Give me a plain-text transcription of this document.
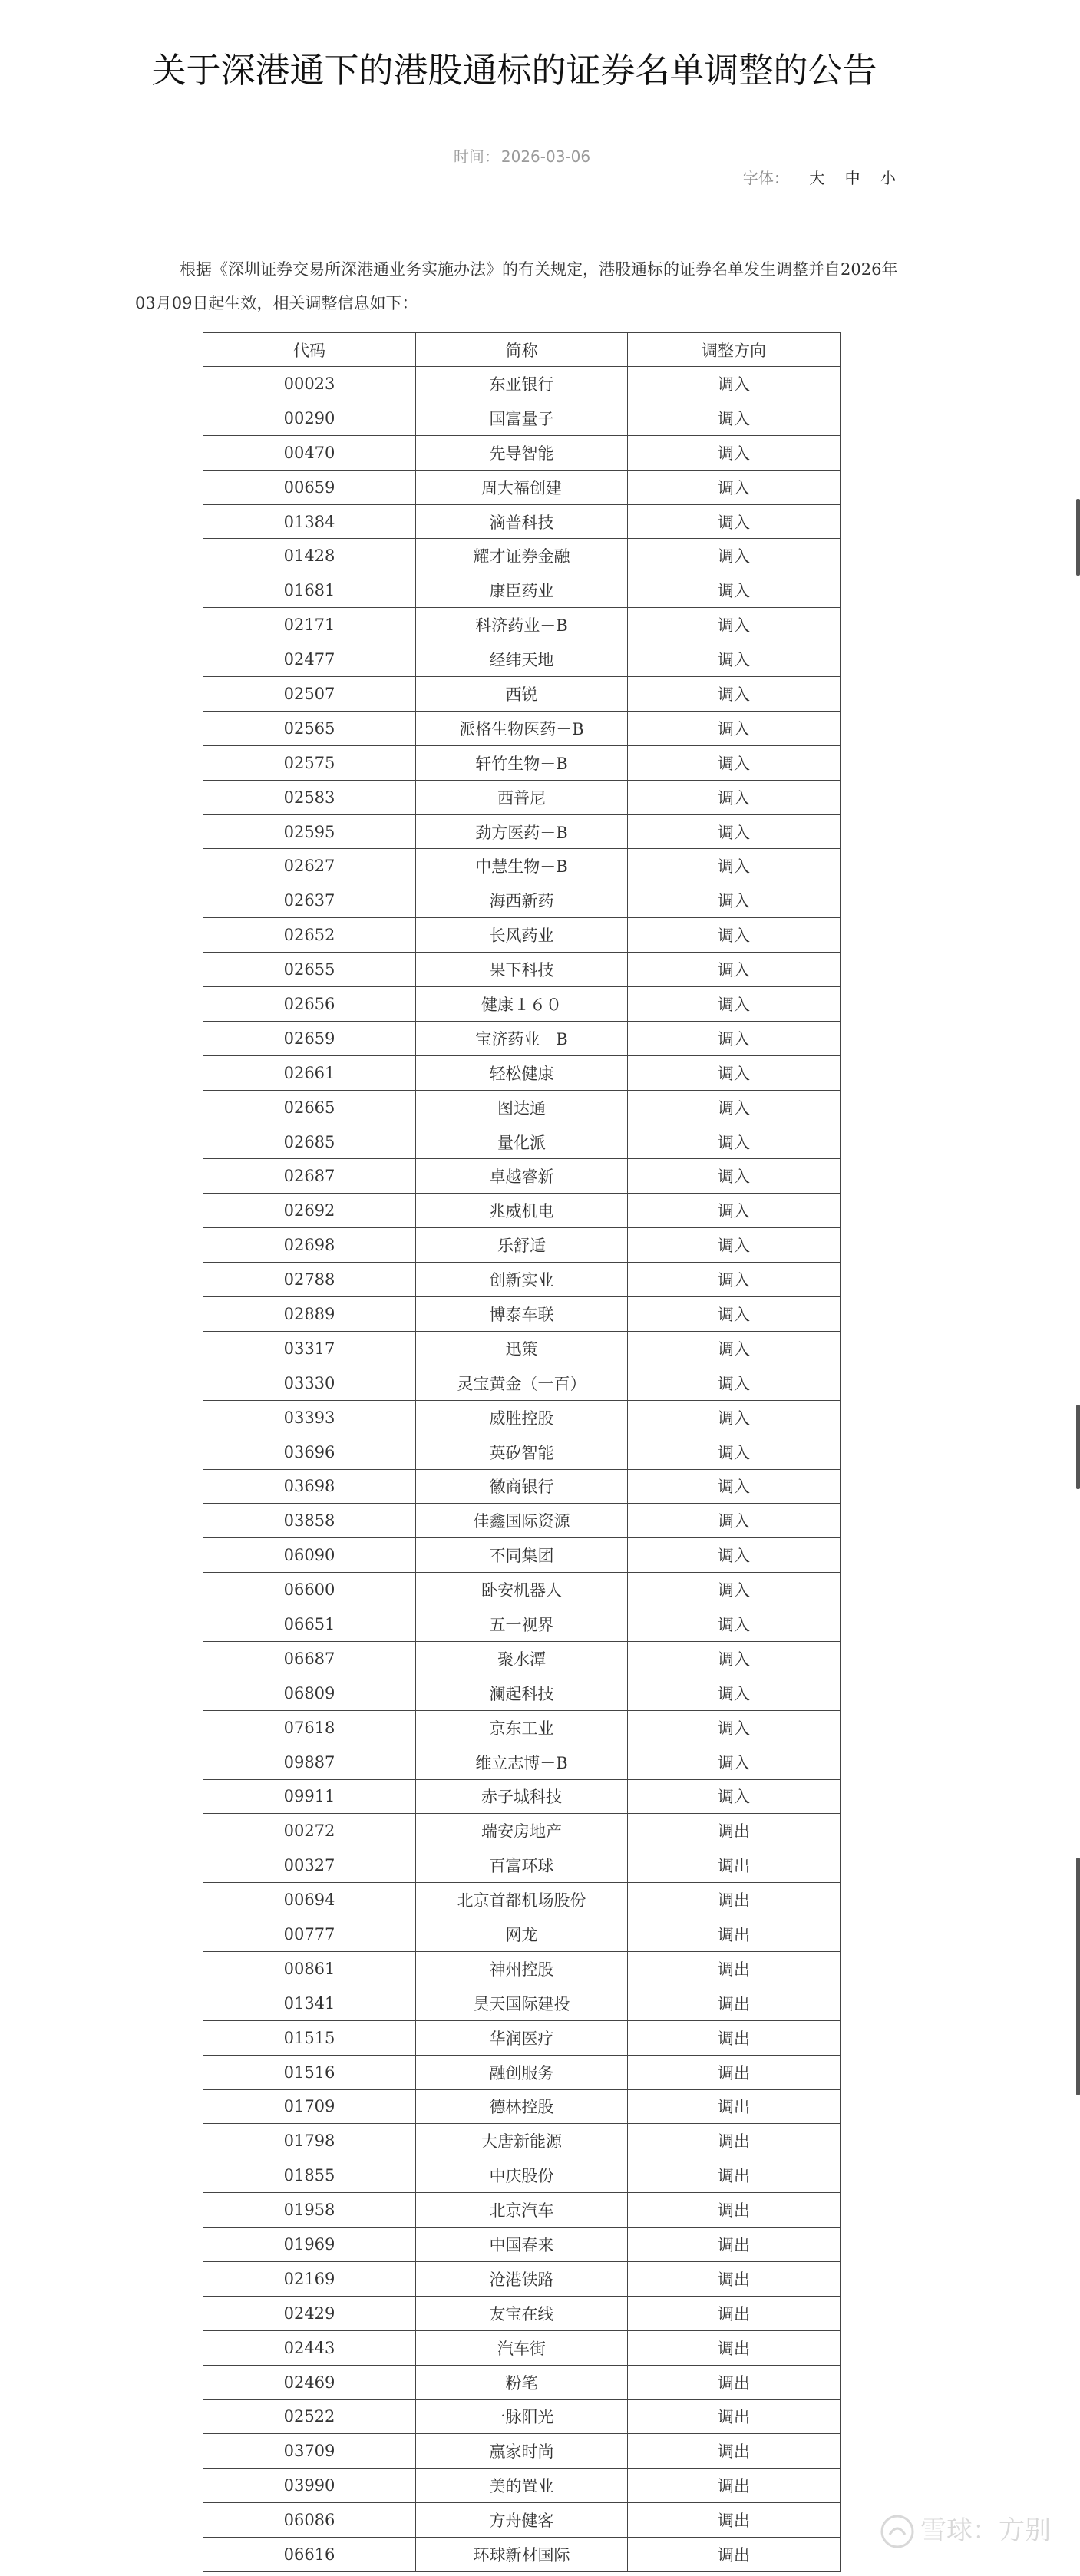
关于深港通下的港股通标的证券名单调整的公告
时间： 2026-03-06
字体： 大 中 小

根据《深圳证券交易所深港通业务实施办法》的有关规定，港股通标的证券名单发生调整并自2026年03月09日起生效，相关调整信息如下：

代码	简称	调整方向
00023	东亚银行	调入
00290	国富量子	调入
00470	先导智能	调入
00659	周大福创建	调入
01384	滴普科技	调入
01428	耀才证券金融	调入
01681	康臣药业	调入
02171	科济药业－B	调入
02477	经纬天地	调入
02507	西锐	调入
02565	派格生物医药－B	调入
02575	轩竹生物－B	调入
02583	西普尼	调入
02595	劲方医药－B	调入
02627	中慧生物－B	调入
02637	海西新药	调入
02652	长风药业	调入
02655	果下科技	调入
02656	健康１６０	调入
02659	宝济药业－B	调入
02661	轻松健康	调入
02665	图达通	调入
02685	量化派	调入
02687	卓越睿新	调入
02692	兆威机电	调入
02698	乐舒适	调入
02788	创新实业	调入
02889	博泰车联	调入
03317	迅策	调入
03330	灵宝黄金（一百）	调入
03393	威胜控股	调入
03696	英矽智能	调入
03698	徽商银行	调入
03858	佳鑫国际资源	调入
06090	不同集团	调入
06600	卧安机器人	调入
06651	五一视界	调入
06687	聚水潭	调入
06809	澜起科技	调入
07618	京东工业	调入
09887	维立志博－B	调入
09911	赤子城科技	调入
00272	瑞安房地产	调出
00327	百富环球	调出
00694	北京首都机场股份	调出
00777	网龙	调出
00861	神州控股	调出
01341	昊天国际建投	调出
01515	华润医疗	调出
01516	融创服务	调出
01709	德林控股	调出
01798	大唐新能源	调出
01855	中庆股份	调出
01958	北京汽车	调出
01969	中国春来	调出
02169	沧港铁路	调出
02429	友宝在线	调出
02443	汽车街	调出
02469	粉笔	调出
02522	一脉阳光	调出
03709	赢家时尚	调出
03990	美的置业	调出
06086	方舟健客	调出
06616	环球新材国际	调出
雪球：方别
